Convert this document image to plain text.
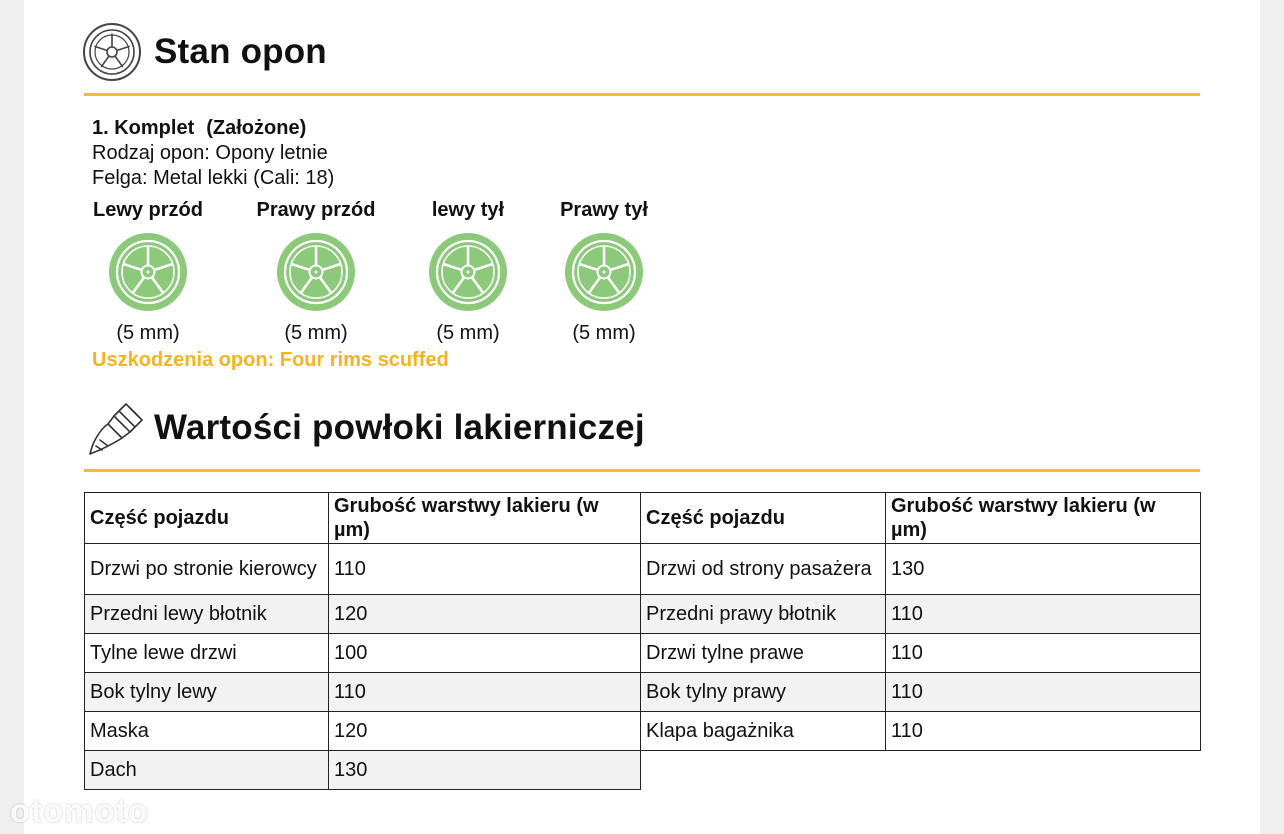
Stan opon
1. Komplet (Założone)
Rodzaj opon: Opony letnie
Felga: Metal lekki (Cali: 18)
Lewy przód
(5 mm)
Prawy przód
(5 mm)
lewy tył
(5 mm)
Prawy tył
(5 mm)
Uszkodzenia opon: Four rims scuffed
Wartości powłoki lakierniczej
Część pojazdu	Grubość warstwy lakieru (w µm)	Część pojazdu	Grubość warstwy lakieru (w µm)
Drzwi po stronie kierowcy	110	Drzwi od strony pasażera	130
Przedni lewy błotnik	120	Przedni prawy błotnik	110
Tylne lewe drzwi	100	Drzwi tylne prawe	110
Bok tylny lewy	110	Bok tylny prawy	110
Maska	120	Klapa bagażnika	110
Dach	130		
otomoto
